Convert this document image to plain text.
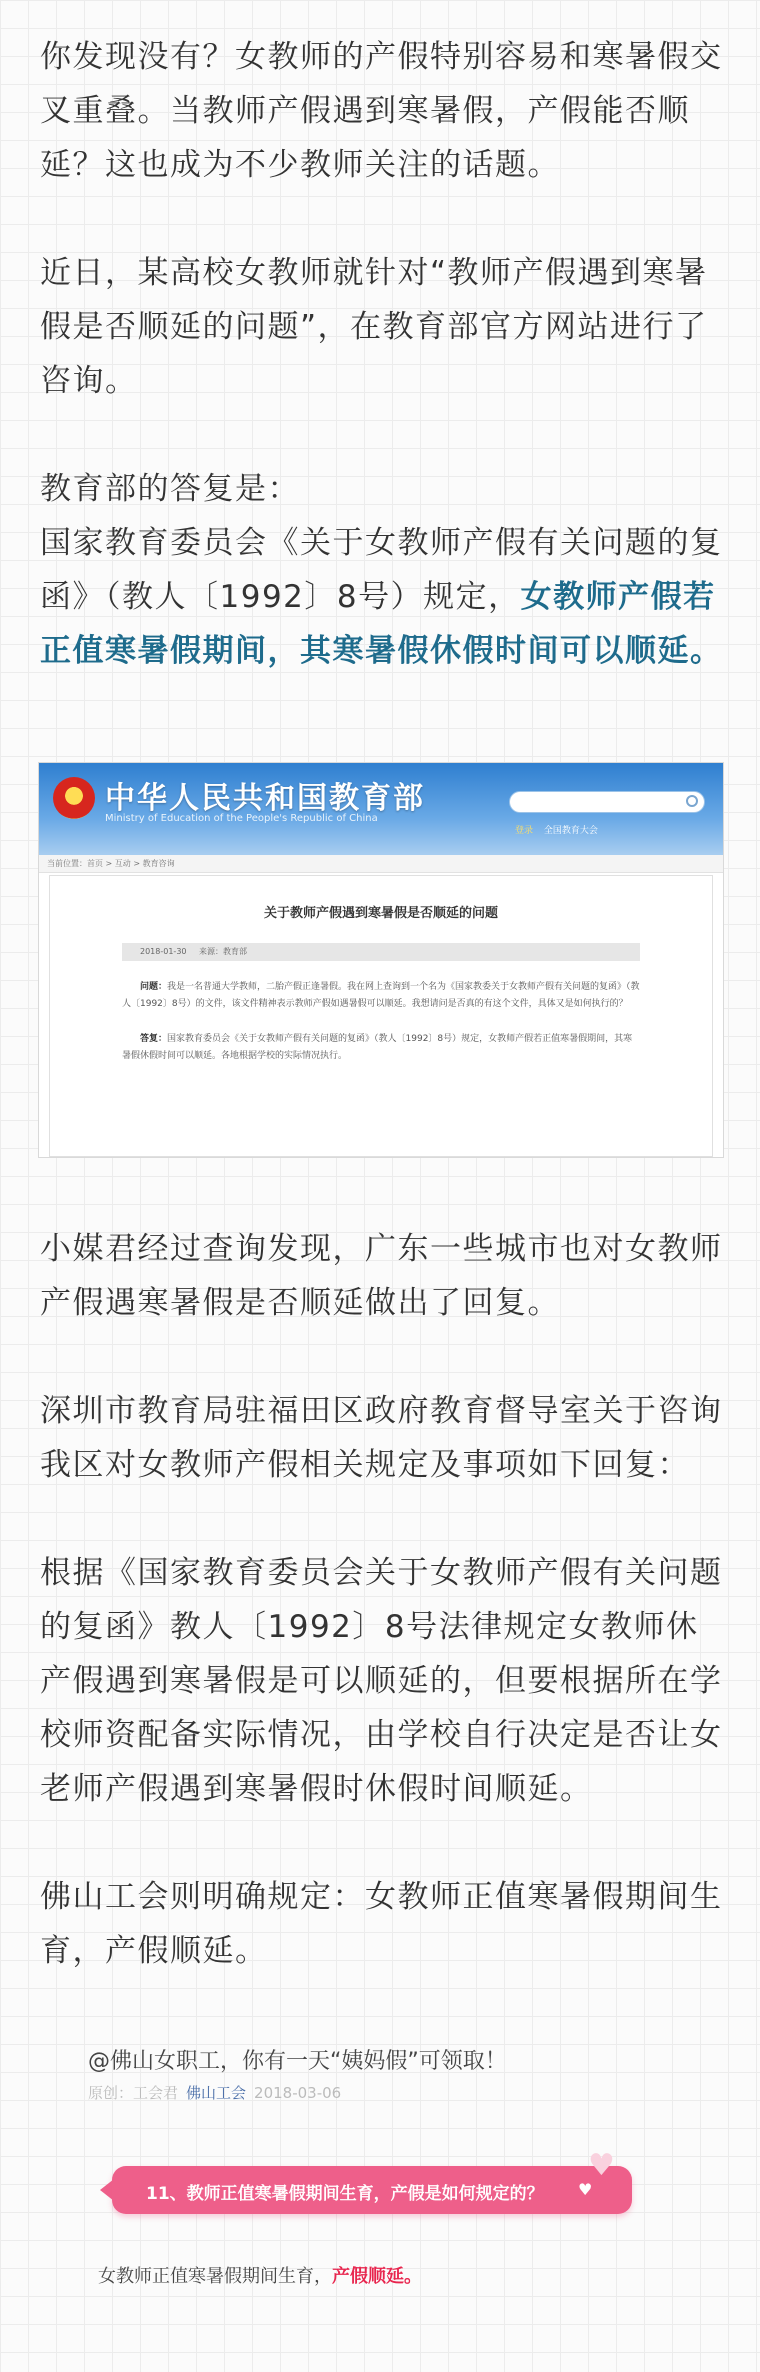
你发现没有？女教师的产假特别容易和寒暑假交叉重叠。当教师产假遇到寒暑假，产假能否顺延？这也成为不少教师关注的话题。

近日，某高校女教师就针对“教师产假遇到寒暑假是否顺延的问题”，在教育部官方网站进行了咨询。

教育部的答复是：
国家教育委员会《关于女教师产假有关问题的复函》（教人〔1992〕8号）规定，女教师产假若正值寒暑假期间，其寒暑假休假时间可以顺延。
中华人民共和国教育部
Ministry of Education of the People's Republic of China
登录 全国教育大会
当前位置：首页 > 互动 > 教育咨询
关于教师产假遇到寒暑假是否顺延的问题
2018-01-30 来源：教育部
问题：我是一名普通大学教师，二胎产假正逢暑假。我在网上查询到一个名为《国家教委关于女教师产假有关问题的复函》（教人〔1992〕8号）的文件，该文件精神表示教师产假如遇暑假可以顺延。我想请问是否真的有这个文件，具体又是如何执行的？
答复：国家教育委员会《关于女教师产假有关问题的复函》（教人〔1992〕8号）规定，女教师产假若正值寒暑假期间，其寒暑假休假时间可以顺延。各地根据学校的实际情况执行。

小媒君经过查询发现，广东一些城市也对女教师产假遇寒暑假是否顺延做出了回复。

深圳市教育局驻福田区政府教育督导室关于咨询我区对女教师产假相关规定及事项如下回复：

根据《国家教育委员会关于女教师产假有关问题的复函》教人〔1992〕8号法律规定女教师休产假遇到寒暑假是可以顺延的，但要根据所在学校师资配备实际情况，由学校自行决定是否让女老师产假遇到寒暑假时休假时间顺延。

佛山工会则明确规定：女教师正值寒暑假期间生育，产假顺延。

@佛山女职工，你有一天“姨妈假”可领取！
原创：工会君 佛山工会 2018-03-06
11、教师正值寒暑假期间生育，产假是如何规定的？
♥
♥
女教师正值寒暑假期间生育，产假顺延。
